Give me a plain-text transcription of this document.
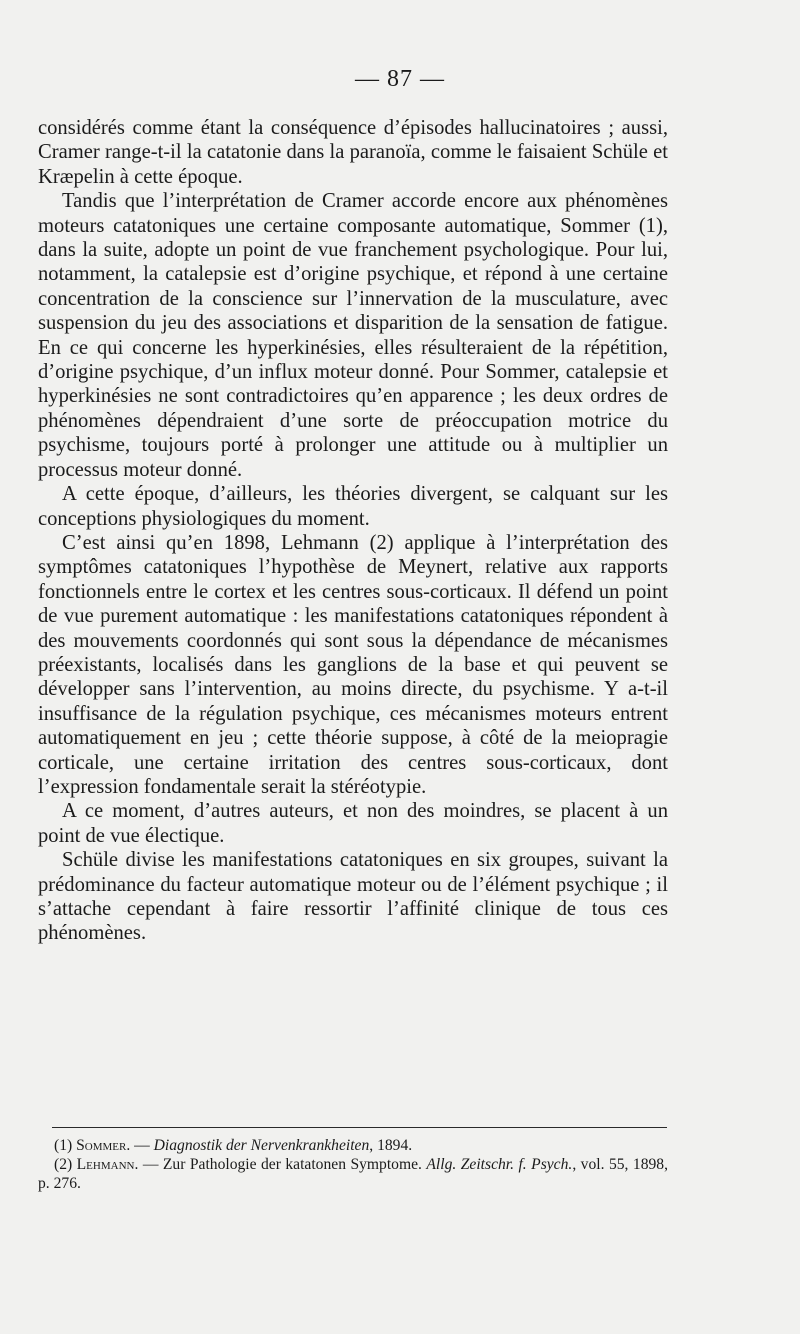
— 87 —

considérés comme étant la conséquence d’épisodes hallucinatoires ; aussi, Cramer range-t-il la catatonie dans la paranoïa, comme le faisaient Schüle et Kræpelin à cette époque.

Tandis que l’interprétation de Cramer accorde encore aux phénomènes moteurs catatoniques une certaine composante automatique, Sommer (1), dans la suite, adopte un point de vue franchement psychologique. Pour lui, notamment, la catalepsie est d’origine psychique, et répond à une certaine concentration de la conscience sur l’innervation de la musculature, avec suspension du jeu des associations et disparition de la sensation de fatigue. En ce qui concerne les hyperkinésies, elles résulteraient de la répétition, d’origine psychique, d’un influx moteur donné. Pour Sommer, catalepsie et hyperkinésies ne sont contradictoires qu’en apparence ; les deux ordres de phénomènes dépendraient d’une sorte de préoccupation motrice du psychisme, toujours porté à prolonger une attitude ou à multiplier un processus moteur donné.

A cette époque, d’ailleurs, les théories divergent, se calquant sur les conceptions physiologiques du moment.

C’est ainsi qu’en 1898, Lehmann (2) applique à l’interprétation des symptômes catatoniques l’hypothèse de Meynert, relative aux rapports fonctionnels entre le cortex et les centres sous-corticaux. Il défend un point de vue purement automatique : les manifestations catatoniques répondent à des mouvements coordonnés qui sont sous la dépendance de mécanismes préexistants, localisés dans les ganglions de la base et qui peuvent se développer sans l’intervention, au moins directe, du psychisme. Y a-t-il insuffisance de la régulation psychique, ces mécanismes moteurs entrent automatiquement en jeu ; cette théorie suppose, à côté de la meiopragie corticale, une certaine irritation des centres sous-corticaux, dont l’expression fondamentale serait la stéréotypie.

A ce moment, d’autres auteurs, et non des moindres, se placent à un point de vue électique.

Schüle divise les manifestations catatoniques en six groupes, suivant la prédominance du facteur automatique moteur ou de l’élément psychique ; il s’attache cependant à faire ressortir l’affinité clinique de tous ces phénomènes.

(1) Sommer. — Diagnostik der Nervenkrankheiten, 1894.

(2) Lehmann. — Zur Pathologie der katatonen Symptome. Allg. Zeitschr. f. Psych., vol. 55, 1898, p. 276.
